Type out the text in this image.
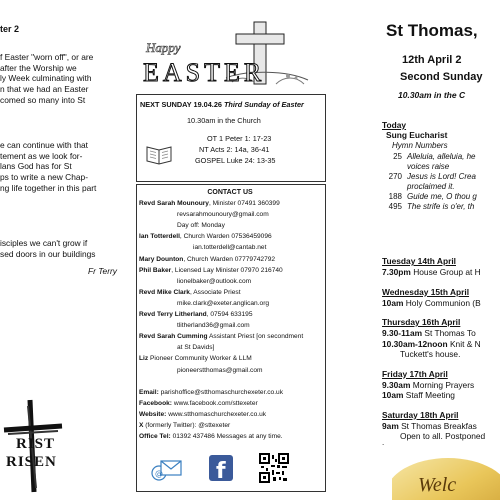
ter 2
f Easter "worn off", or are
after the Worship we
ly Week culminating with
n that we had an Easter
comed so many into St
e can continue with that
tement as we look for-
lans God has for St
ps to write a new Chap-
ng life together in this part
isciples we can't grow if
sed doors in our buildings
Fr Terry
RIST
RISEN
Happy
EASTER
NEXT SUNDAY 19.04.26 Third Sunday of Easter
10.30am in the Church
OT 1 Peter 1: 17-23
NT Acts 2: 14a, 36-41
GOSPEL Luke 24: 13-35
CONTACT US
Revd Sarah Mounoury, Minister 07491 360399
revsarahmounoury@gmail.com
Day off: Monday
Ian Totterdell, Church Warden 07536459096
ian.totterdell@cantab.net
Mary Dounton, Church Warden 07779742792
Phil Baker, Licensed Lay Minister 07970 216740
lionelbaker@outlook.com
Revd Mike Clark, Associate Priest
mike.clark@exeter.anglican.org
Revd Terry Litherland, 07594 633195
tlitherland36@gmail.com
Revd Sarah Cumming Assistant Priest [on secondment
at St Davids]
Liz Pioneer Community Worker & LLM
pioneerstthomas@gmail.com
Email: parishoffice@stthomaschurchexeter.co.uk
Facebook: www.facebook.com/sttexeter
Website: www.stthomaschurchexeter.co.uk
X (formerly Twitter): @sttexeter
Office Tel: 01392 437486 Messages at any time.
@ f
St Thomas,
12th April 2
Second Sunday
10.30am in the C
Today
Sung Eucharist
Hymn Numbers
25 Alleluia, alleluia, he
voices raise
270 Jesus is Lord! Crea
proclaimed it.
188 Guide me, O thou g
495 The strife is o'er, th
Tuesday 14th April
7.30pm House Group at H
Wednesday 15th April
10am Holy Communion (B
Thursday 16th April
9.30-11am St Thomas To
10.30am-12noon Knit & N
Tuckett's house.
Friday 17th April
9.30am Morning Prayers
10am Staff Meeting
Saturday 18th April
9am St Thomas Breakfas
Open to all. Postponed
.
Welc
